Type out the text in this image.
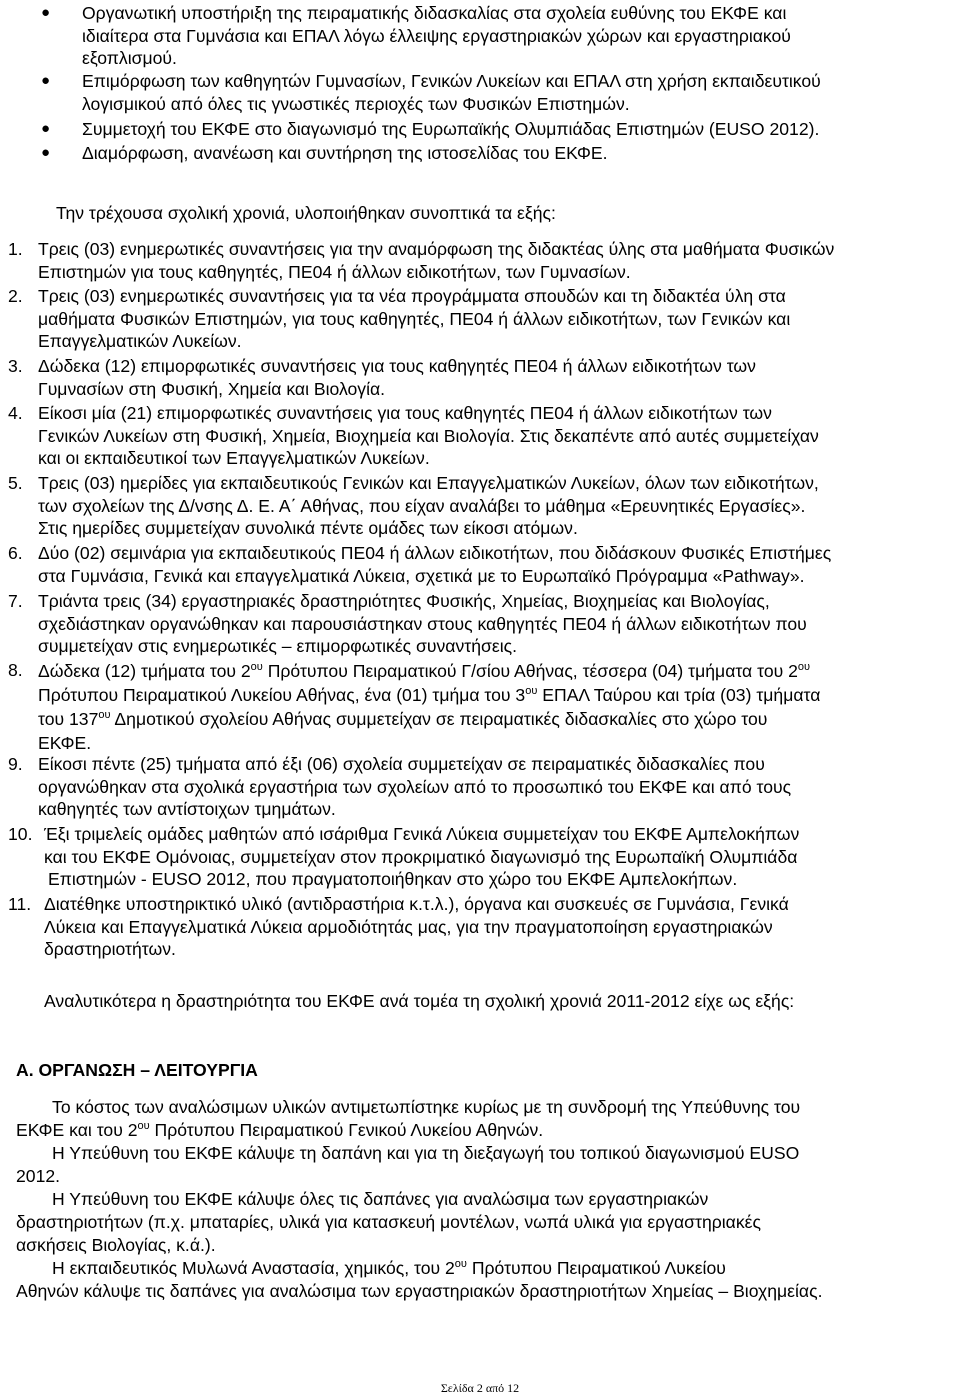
● Οργανωτική υποστήριξη της πειραματικής διδασκαλίας στα σχολεία ευθύνης του ΕΚΦΕ και
ιδιαίτερα στα Γυμνάσια και ΕΠΑΛ λόγω έλλειψης εργαστηριακών χώρων και εργαστηριακού
εξοπλισμού.
● Επιμόρφωση των καθηγητών Γυμνασίων, Γενικών Λυκείων και ΕΠΑΛ στη χρήση εκπαιδευτικού
λογισμικού από όλες τις γνωστικές περιοχές των Φυσικών Επιστημών.
● Συμμετοχή του ΕΚΦΕ στο διαγωνισμό της Ευρωπαϊκής Ολυμπιάδας Επιστημών (EUSO 2012).
● Διαμόρφωση, ανανέωση και συντήρηση της ιστοσελίδας του ΕΚΦΕ.
Την τρέχουσα σχολική χρονιά, υλοποιήθηκαν συνοπτικά τα εξής:
1. Τρεις (03) ενημερωτικές συναντήσεις για την αναμόρφωση της διδακτέας ύλης στα μαθήματα Φυσικών
Επιστημών για τους καθηγητές, ΠΕ04 ή άλλων ειδικοτήτων, των Γυμνασίων.
2. Τρεις (03) ενημερωτικές συναντήσεις για τα νέα προγράμματα σπουδών και τη διδακτέα ύλη στα
μαθήματα Φυσικών Επιστημών, για τους καθηγητές, ΠΕ04 ή άλλων ειδικοτήτων, των Γενικών και
Επαγγελματικών Λυκείων.
3. Δώδεκα (12) επιμορφωτικές συναντήσεις για τους καθηγητές ΠΕ04 ή άλλων ειδικοτήτων των
Γυμνασίων στη Φυσική, Χημεία και Βιολογία.
4. Είκοσι μία (21) επιμορφωτικές συναντήσεις για τους καθηγητές ΠΕ04 ή άλλων ειδικοτήτων των
Γενικών Λυκείων στη Φυσική, Χημεία, Βιοχημεία και Βιολογία. Στις δεκαπέντε από αυτές συμμετείχαν
και οι εκπαιδευτικοί των Επαγγελματικών Λυκείων.
5. Τρεις (03) ημερίδες για εκπαιδευτικούς Γενικών και Επαγγελματικών Λυκείων, όλων των ειδικοτήτων,
των σχολείων της Δ/νσης Δ. Ε. Α΄ Αθήνας, που είχαν αναλάβει το μάθημα «Ερευνητικές Εργασίες».
Στις ημερίδες συμμετείχαν συνολικά πέντε ομάδες των είκοσι ατόμων.
6. Δύο (02) σεμινάρια για εκπαιδευτικούς ΠΕ04 ή άλλων ειδικοτήτων, που διδάσκουν Φυσικές Επιστήμες
στα Γυμνάσια, Γενικά και επαγγελματικά Λύκεια, σχετικά με το Ευρωπαϊκό Πρόγραμμα «Pathway».
7. Τριάντα τρεις (34) εργαστηριακές δραστηριότητες Φυσικής, Χημείας, Βιοχημείας και Βιολογίας,
σχεδιάστηκαν οργανώθηκαν και παρουσιάστηκαν στους καθηγητές ΠΕ04 ή άλλων ειδικοτήτων που
συμμετείχαν στις ενημερωτικές – επιμορφωτικές συναντήσεις.
8. Δώδεκα (12) τμήματα του $2^{o\upsilon}$ Πρότυπου Πειραματικού Γ/σίου Αθήνας, τέσσερα (04) τμήματα του $2^{o\upsilon}$
Πρότυπου Πειραματικού Λυκείου Αθήνας, ένα (01) τμήμα του $3^{o\upsilon}$ ΕΠΑΛ Ταύρου και τρία (03) τμήματα
του $137^{o\upsilon}$ Δημοτικού σχολείου Αθήνας συμμετείχαν σε πειραματικές διδασκαλίες στο χώρο του
ΕΚΦΕ.
9. Είκοσι πέντε (25) τμήματα από έξι (06) σχολεία συμμετείχαν σε πειραματικές διδασκαλίες που
οργανώθηκαν στα σχολικά εργαστήρια των σχολείων από το προσωπικό του ΕΚΦΕ και από τους
καθηγητές των αντίστοιχων τμημάτων.
10. Έξι τριμελείς ομάδες μαθητών από ισάριθμα Γενικά Λύκεια συμμετείχαν του ΕΚΦΕ Αμπελοκήπων
και του ΕΚΦΕ Ομόνοιας, συμμετείχαν στον προκριματικό διαγωνισμό της Ευρωπαϊκή Ολυμπιάδα
Επιστημών - EUSO 2012, που πραγματοποιήθηκαν στο χώρο του ΕΚΦΕ Αμπελοκήπων.
11. Διατέθηκε υποστηρικτικό υλικό (αντιδραστήρια κ.τ.λ.), όργανα και συσκευές σε Γυμνάσια, Γενικά
Λύκεια και Επαγγελματικά Λύκεια αρμοδιότητάς μας, για την πραγματοποίηση εργαστηριακών
δραστηριοτήτων.
Αναλυτικότερα η δραστηριότητα του ΕΚΦΕ ανά τομέα τη σχολική χρονιά 2011-2012 είχε ως εξής:
Α. ΟΡΓΑΝΩΣΗ – ΛΕΙΤΟΥΡΓΙΑ
Το κόστος των αναλώσιμων υλικών αντιμετωπίστηκε κυρίως με τη συνδρομή της Υπεύθυνης του
ΕΚΦΕ και του $2^{o\upsilon}$ Πρότυπου Πειραματικού Γενικού Λυκείου Αθηνών.
Η Υπεύθυνη του ΕΚΦΕ κάλυψε τη δαπάνη και για τη διεξαγωγή του τοπικού διαγωνισμού EUSO
2012.
Η Υπεύθυνη του ΕΚΦΕ κάλυψε όλες τις δαπάνες για αναλώσιμα των εργαστηριακών
δραστηριοτήτων (π.χ. μπαταρίες, υλικά για κατασκευή μοντέλων, νωπά υλικά για εργαστηριακές
ασκήσεις Βιολογίας, κ.ά.).
Η εκπαιδευτικός Μυλωνά Αναστασία, χημικός, του $2^{o\upsilon}$ Πρότυπου Πειραματικού Λυκείου
Αθηνών κάλυψε τις δαπάνες για αναλώσιμα των εργαστηριακών δραστηριοτήτων Χημείας – Βιοχημείας.
Σελίδα 2 από 12
